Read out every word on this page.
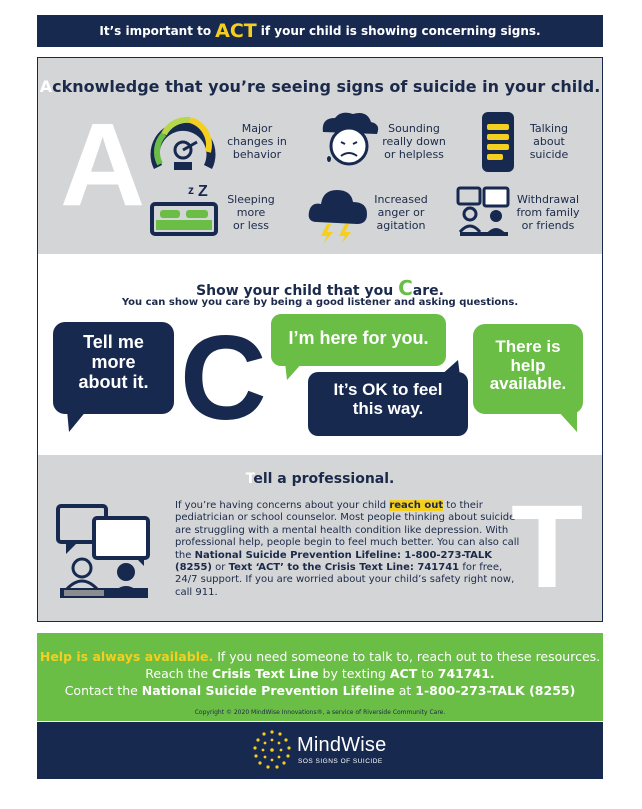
It’s important to ACT if your child is showing concerning signs.
Acknowledge that you’re seeing signs of suicide in your child.
A	Major
changes in
behavior
Sounding
really down
or helpless
Talking
about
suicide
z Z	Sleeping
more
or less
Increased
anger or
agitation
Withdrawal
from family
or friends
Show your child that you Care.
You can show you care by being a good listener and asking questions.
Tell me
more
about it. C	I’m here for you.
It’s OK to feel
this way.
There is
help
available.
Tell a professional.
If you’re having concerns about your child reach out to their pediatrician or school counselor. Most people thinking about suicide are struggling with a mental health condition like depression. With professional help, people begin to feel much better. You can also call the National Suicide Prevention Lifeline: 1-800-273-TALK (8255) or Text ‘ACT’ to the Crisis Text Line: 741741 for free, 24/7 support. If you are worried about your child’s safety right now, call 911.	T
Help is always available. If you need someone to talk to, reach out to these resources. Reach the Crisis Text Line by texting ACT to 741741.
Contact the National Suicide Prevention Lifeline at 1-800-273-TALK (8255)
Copyright © 2020 MindWise Innovations®, a service of Riverside Community Care.
MindWise
SOS SIGNS OF SUICIDE
